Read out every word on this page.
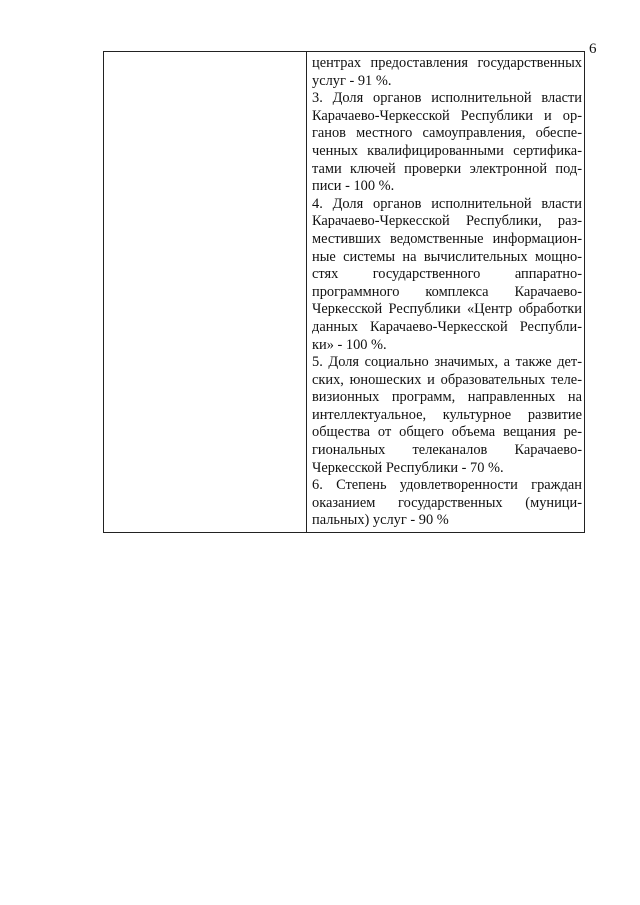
6
центрах предоставления государственных
услуг - 91 %.
3. Доля органов исполнительной власти
Карачаево-Черкесской Республики и ор-
ганов местного самоуправления, обеспе-
ченных квалифицированными сертифика-
тами ключей проверки электронной под-
писи - 100 %.
4. Доля органов исполнительной власти
Карачаево-Черкесской Республики, раз-
местивших ведомственные информацион-
ные системы на вычислительных мощно-
стях государственного аппаратно-
программного комплекса Карачаево-
Черкесской Республики «Центр обработки
данных Карачаево-Черкесской Республи-
ки» - 100 %.
5. Доля социально значимых, а также дет-
ских, юношеских и образовательных теле-
визионных программ, направленных на
интеллектуальное, культурное развитие
общества от общего объема вещания ре-
гиональных телеканалов Карачаево-
Черкесской Республики - 70 %.
6. Степень удовлетворенности граждан
оказанием государственных (муници-
пальных) услуг - 90 %
